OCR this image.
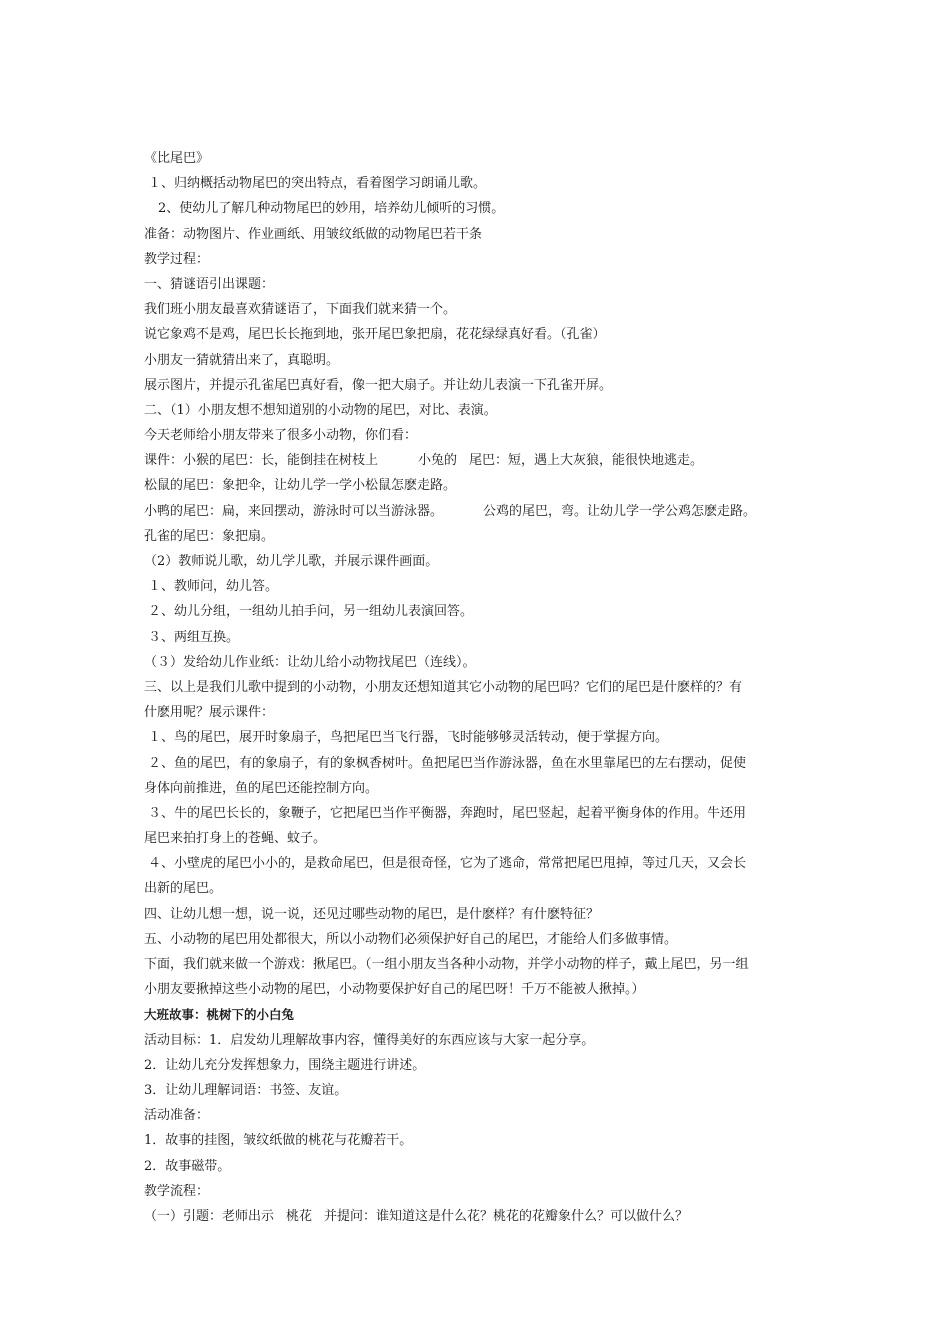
《比尾巴》
１、归纳概括动物尾巴的突出特点，看着图学习朗诵儿歌。
2、使幼儿了解几种动物尾巴的妙用，培养幼儿倾听的习惯。
准备：动物图片、作业画纸、用皱纹纸做的动物尾巴若干条
教学过程：
一、猜谜语引出课题：
我们班小朋友最喜欢猜谜语了，下面我们就来猜一个。
说它象鸡不是鸡，尾巴长长拖到地，张开尾巴象把扇，花花绿绿真好看。（孔雀）
小朋友一猜就猜出来了，真聪明。
展示图片，并提示孔雀尾巴真好看，像一把大扇子。并让幼儿表演一下孔雀开屏。
二、（1）小朋友想不想知道别的小动物的尾巴，对比、表演。
今天老师给小朋友带来了很多小动物，你们看：
课件：小猴的尾巴：长，能倒挂在树枝上	小兔的 尾巴：短，遇上大灰狼，能很快地逃走。
松鼠的尾巴：象把伞，让幼儿学一学小松鼠怎麽走路。
小鸭的尾巴：扁，来回摆动，游泳时可以当游泳器。	公鸡的尾巴，弯。让幼儿学一学公鸡怎麽走路。
孔雀的尾巴：象把扇。
（2）教师说儿歌，幼儿学儿歌，并展示课件画面。
１、教师问，幼儿答。
２、幼儿分组，一组幼儿拍手问，另一组幼儿表演回答。
３、两组互换。
（３）发给幼儿作业纸：让幼儿给小动物找尾巴（连线）。
三、以上是我们儿歌中提到的小动物，小朋友还想知道其它小动物的尾巴吗？它们的尾巴是什麽样的？有
什麽用呢？展示课件：
１、鸟的尾巴，展开时象扇子，鸟把尾巴当飞行器，飞时能够够灵活转动，便于掌握方向。
２、鱼的尾巴，有的象扇子，有的象枫香树叶。鱼把尾巴当作游泳器，鱼在水里靠尾巴的左右摆动，促使
身体向前推进，鱼的尾巴还能控制方向。
３、牛的尾巴长长的，象鞭子，它把尾巴当作平衡器，奔跑时，尾巴竖起，起着平衡身体的作用。牛还用
尾巴来拍打身上的苍蝇、蚊子。
４、小壁虎的尾巴小小的，是救命尾巴，但是很奇怪，它为了逃命，常常把尾巴甩掉，等过几天，又会长
出新的尾巴。
四、让幼儿想一想，说一说，还见过哪些动物的尾巴，是什麽样？有什麽特征？
五、小动物的尾巴用处都很大，所以小动物们必须保护好自己的尾巴，才能给人们多做事情。
下面，我们就来做一个游戏：揪尾巴。（一组小朋友当各种小动物，并学小动物的样子，戴上尾巴，另一组
小朋友要揪掉这些小动物的尾巴，小动物要保护好自己的尾巴呀！千万不能被人揪掉。）
大班故事：桃树下的小白兔
活动目标：1．启发幼儿理解故事内容，懂得美好的东西应该与大家一起分享。
2．让幼儿充分发挥想象力，围绕主题进行讲述。
3．让幼儿理解词语：书签、友谊。
活动准备：
1．故事的挂图，皱纹纸做的桃花与花瓣若干。
2．故事磁带。
教学流程：
（一）引题：老师出示 桃花 并提问：谁知道这是什么花？桃花的花瓣象什么？可以做什么？
